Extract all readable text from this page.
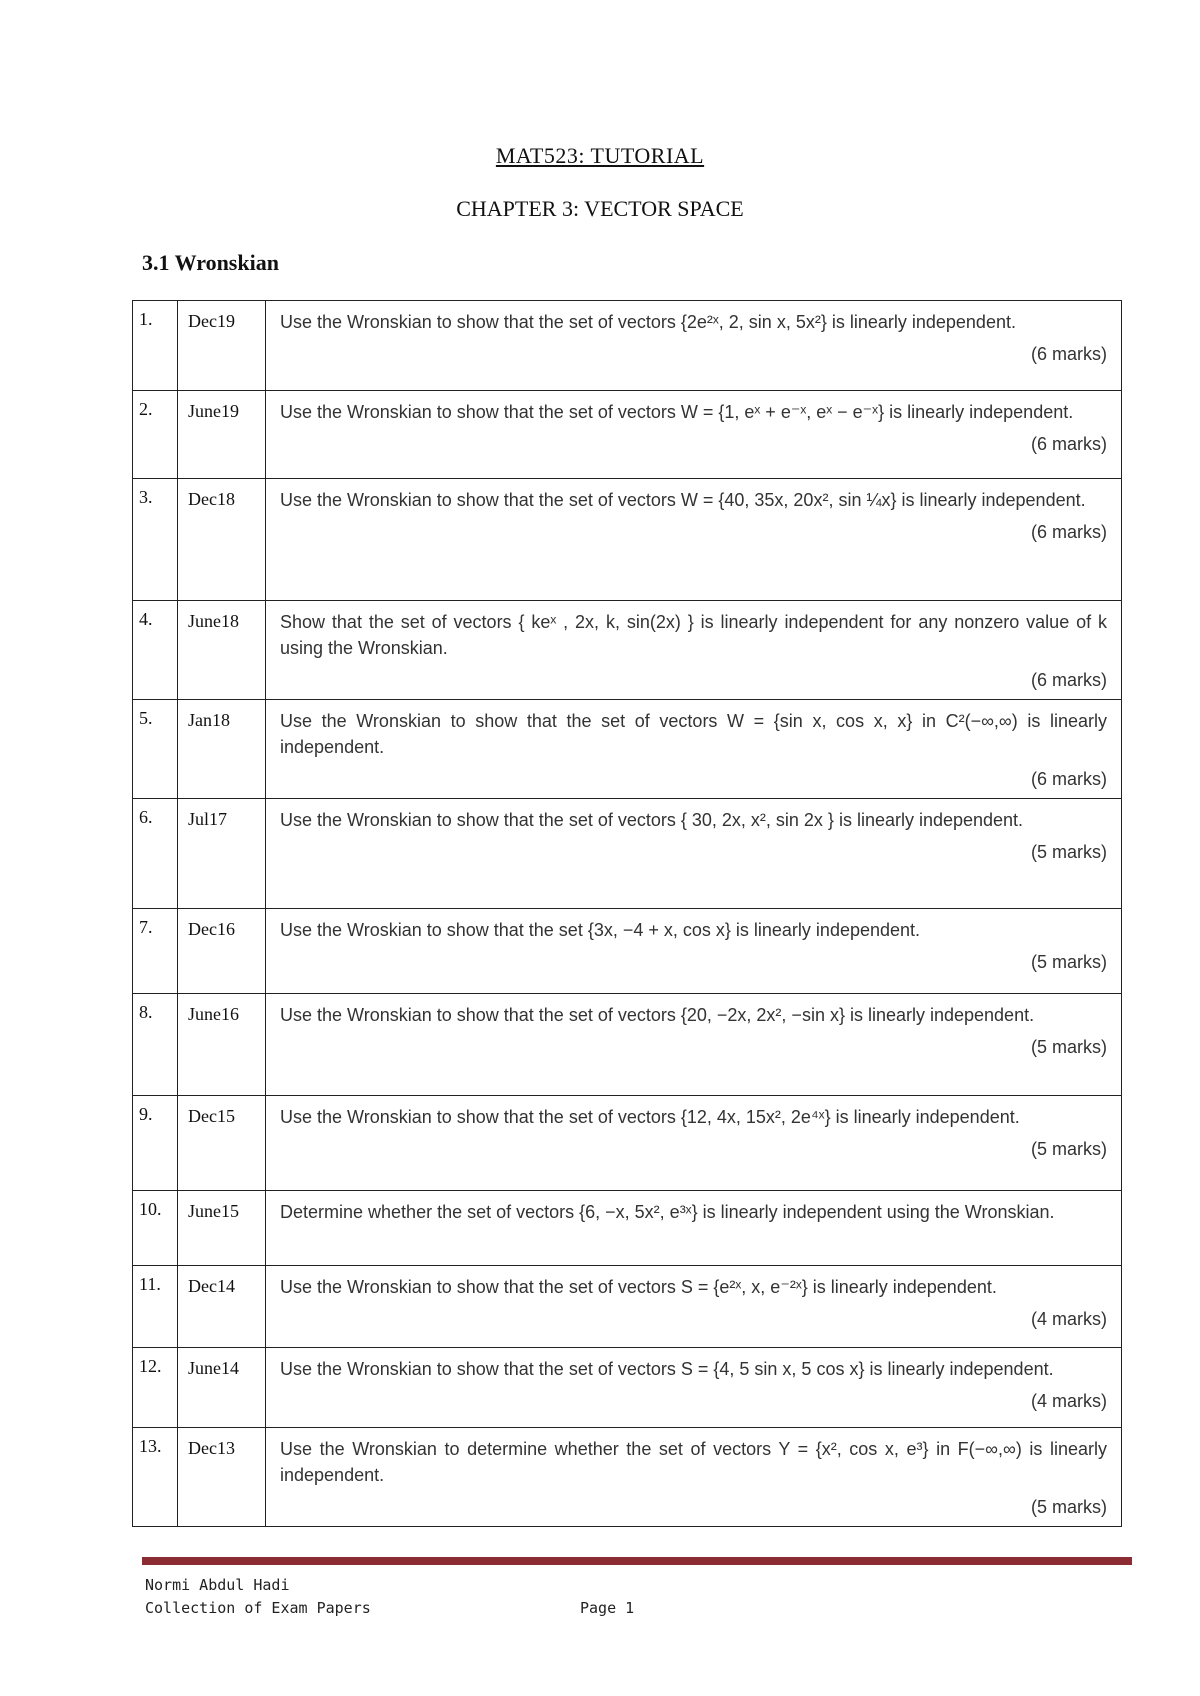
MAT523: TUTORIAL
CHAPTER 3: VECTOR SPACE
3.1 Wronskian
1.	Dec19	Use the Wronskian to show that the set of vectors {2e²ˣ, 2, sin x, 5x²} is linearly independent.
(6 marks)

2.	June19	Use the Wronskian to show that the set of vectors W = {1, eˣ + e⁻ˣ, eˣ − e⁻ˣ} is linearly independent.
(6 marks)

3.	Dec18	Use the Wronskian to show that the set of vectors W = {40, 35x, 20x², sin ¼x} is linearly independent.
(6 marks)

4.	June18	Show that the set of vectors { keˣ , 2x, k, sin(2x) } is linearly independent for any nonzero value of k using the Wronskian.
(6 marks)

5.	Jan18	Use the Wronskian to show that the set of vectors W = {sin x, cos x, x} in C²(−∞,∞) is linearly independent.
(6 marks)

6.	Jul17	Use the Wronskian to show that the set of vectors { 30, 2x, x², sin 2x } is linearly independent.
(5 marks)

7.	Dec16	Use the Wroskian to show that the set {3x, −4 + x, cos x} is linearly independent.
(5 marks)

8.	June16	Use the Wronskian to show that the set of vectors {20, −2x, 2x², −sin x} is linearly independent.
(5 marks)

9.	Dec15	Use the Wronskian to show that the set of vectors {12, 4x, 15x², 2e⁴ˣ} is linearly independent.
(5 marks)

10.	June15	Determine whether the set of vectors {6, −x, 5x², e³ˣ} is linearly independent using the Wronskian.

11.	Dec14	Use the Wronskian to show that the set of vectors S = {e²ˣ, x, e⁻²ˣ} is linearly independent.
(4 marks)

12.	June14	Use the Wronskian to show that the set of vectors S = {4, 5 sin x, 5 cos x} is linearly independent.
(4 marks)

13.	Dec13	Use the Wronskian to determine whether the set of vectors Y = {x², cos x, e³} in F(−∞,∞) is linearly independent.
(5 marks)
Normi Abdul Hadi
Collection of Exam Papers	Page 1
